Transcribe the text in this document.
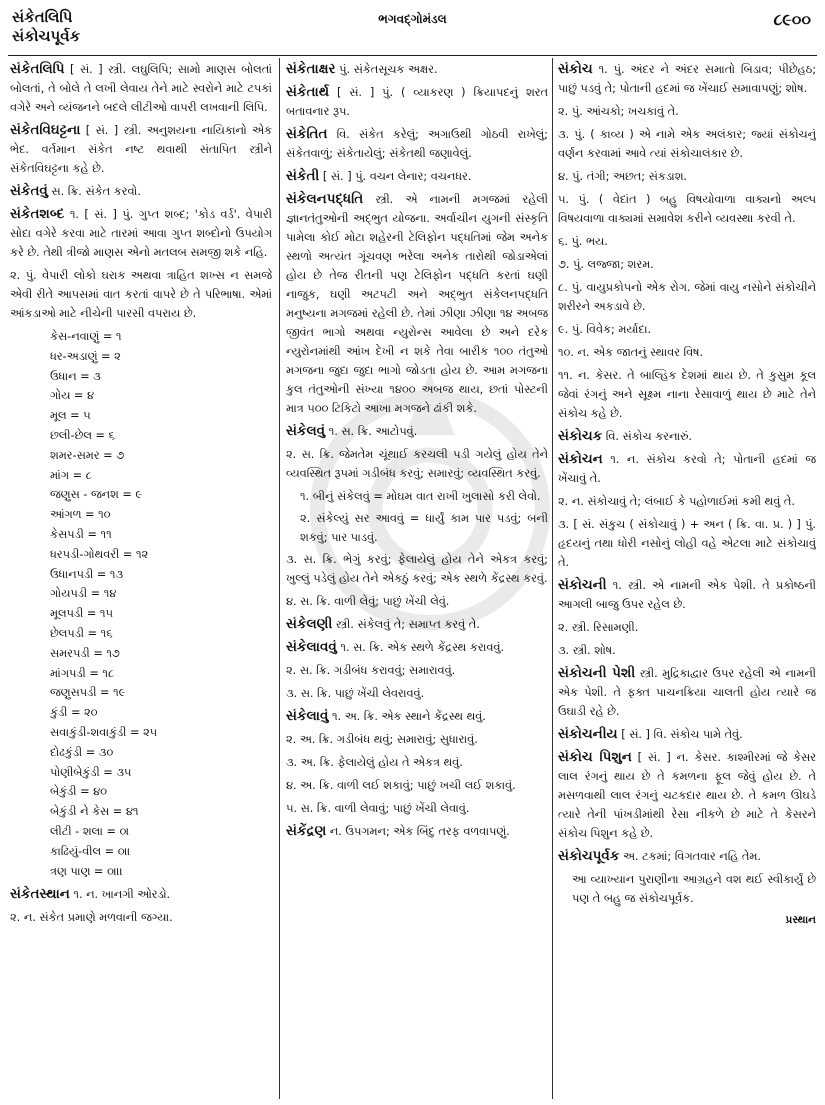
સંકેતલિપિ
સંકોચપૂર્વક
ભગવદ્ગોમંડલ	૮૯૦૦
સંકેતલિપિ [ સં. ] સ્ત્રી. લઘુલિપિ; સામો માણસ બોલતાં બોલતાં, તે બોલે તે લખી લેવાય તેને માટે સ્વરોને માટે ટપકાં વગેરે અને વ્યંજનને બદલે લીટીઓ વાપરી લખવાની લિપિ.
સંકેતવિઘટ્ટના [ સં. ] સ્ત્રી. અનુશયના નાયિકાનો એક ભેદ. વર્તમાન સંકેત નષ્ટ થવાથી સંતાપિત સ્ત્રીને સંકેતવિઘટ્ટના કહે છે.
સંકેતવું સ. ક્રિ. સંકેત કરવો.
સંકેતશબ્દ ૧. [ સં. ] પું. ગુપ્ત શબ્દ; 'કોડ વર્ડ'. વેપારી સોદા વગેરે કરવા માટે તારમાં આવા ગુપ્ત શબ્દોનો ઉપયોગ કરે છે. તેથી ત્રીજો માણસ એનો મતલબ સમજી શકે નહિ.
૨. પું. વેપારી લોકો ઘરાક અથવા ત્રાહિત શખ્સ ન સમજે એવી રીતે આપસમાં વાત કરતાં વાપરે છે તે પરિભાષા. એમાં આંકડાઓ માટે નીચેની પારસી વપરાય છે.
કેસ-નવાણું = ૧
ધર-અડાણું = ૨
ઉધાન = ૩
ગોય = ૪
મૂલ = ૫
છલી-છેલ = ૬
શમર-સમર = ૭
માંગ = ૮
જણુસ - જનશ = ૯
આંગળ = ૧૦
કેસપડી = ૧૧
ધરપડી-ગોથવરી = ૧૨
ઉધાનપડી = ૧૩
ગોયપડી = ૧૪
મૂલપડી = ૧૫
છેલપડી = ૧૬
સમરપડી = ૧૭
માંગપડી = ૧૮
જણુસપડી = ૧૯
કુંડી = ૨૦
સવાકુંડી-શવાકુંડી = ૨૫
દોઢકુંડી = ૩૦
પોણીબેકુંડી = ૩૫
બેકુંડી = ૪૦
બેકુંડી ને કેસ = ૪૧
લીટી - શલા = ૦।
કાઢિયું-વીલ = ૦॥
ત્રણ પાણ = ૦॥।
સંકેતસ્થાન ૧. ન. ખાનગી ઓરડો.
૨. ન. સંકેત પ્રમાણે મળવાની જગ્યા.
સંકેતાક્ષર પું. સંકેતસૂચક અક્ષર.
સંકેતાર્થ [ સં. ] પું. ( વ્યાકરણ ) ક્રિયાપદનું શરત બતાવનાર રૂપ.
સંકેતિત વિ. સંકેત કરેલું; અગાઉથી ગોઠવી રાખેલું; સંકેતવાળું; સંકેતાયેલું; સંકેતથી જણાવેલું.
સંકેતી [ સં. ] પું. વચન લેનાર; વચનધર.
સંકેલનપદ્ધતિ સ્ત્રી. એ નામની મગજમાં રહેલી જ્ઞાનતંતુઓની અદ્ભુત યોજના. અર્વાચીન યુગની સંસ્કૃતિ પામેલા કોઈ મોટા શહેરની ટેલિફોન પદ્ધતિમાં જેમ અનેક સ્થળો અત્યંત ગૂંચવણ ભરેલા અનેક તારોથી જોડાએલાં હોય છે તેજ રીતની પણ ટેલિફોન પદ્ધતિ કરતાં ઘણી નાજુક, ઘણી અટપટી અને અદ્ભુત સંકેલનપદ્ધતિ મનુષ્યના મગજમાં રહેલી છે. તેમાં ઝીણા ઝીણા ૧૪ અબજ જીવંત ભાગો અથવા ન્યુરોન્સ આવેલા છે અને દરેક ન્યુરોનમાંથી આંખ દેખી ન શકે તેવા બારીક ૧૦૦ તંતુઓ મગજના જુદા જુદા ભાગો જોડતા હોય છે. આમ મગજના કુલ તંતુઓની સંખ્યા ૧૪૦૦ અબજ થાય, છતાં પોસ્ટની માત્ર ૫૦૦ ટિકિટો આખા મગજને ઢાંકી શકે.
સંકેલવું ૧. સ. ક્રિ. આટોપવું.
૨. સ. ક્રિ. જેમતેમ ચૂંથાઈ કરચલી પડી ગયેલું હોય તેને વ્યવસ્થિત રૂપમાં ગડીબંધ કરવું; સમારવું; વ્યવસ્થિત કરવું.
૧. બીનું સંકેલવું = મોઘમ વાત રાખી ખુલાસો કરી લેવો.
૨. સંકેલ્યું સર આવવું = ધાર્યું કામ પાર પડવું; બની શકવું; પાર પાડવું.
૩. સ. ક્રિ. ભેગું કરવું; ફેલાયેલું હોય તેને એકત્ર કરવું; ખુલ્લું પડેલું હોય તેને એકઠું કરવું; એક સ્થળે કેંદ્રસ્થ કરવું.
૪. સ. ક્રિ. વાળી લેવું; પાછું ખેંચી લેવું.
સંકેલણી સ્ત્રી. સંકેલવું તે; સમાપ્ત કરવું તે.
સંકેલાવવું ૧. સ. ક્રિ. એક સ્થળે કેંદ્રસ્થ કરાવવું.
૨. સ. ક્રિ. ગડીબંધ કરાવવું; સમારાવવું.
૩. સ. ક્રિ. પાછું ખેંચી લેવરાવવું.
સંકેલાવું ૧. અ. ક્રિ. એક સ્થાને કેંદ્રસ્થ થવું.
૨. અ. ક્રિ. ગડીબંધ થવું; સમારાવું; સુધારાવું.
૩. અ. ક્રિ. ફેલાયેલું હોય તે એકત્ર થવું.
૪. અ. ક્રિ. વાળી લઈ શકાવું; પાછું ખચી લઈ શકાવું.
૫. સ. ક્રિ. વાળી લેવાવું; પાછું ખેંચી લેવાવું.
સંકેંદ્રણ ન. ઉપગમન; એક બિંદુ તરફ વળવાપણું.
સંકોચ ૧. પું. અંદર ને અંદર સમાતો બિડાવ; પીછેહઠ; પાછું પડવું તે; પોતાની હદમાં જ ખેંચાઈ સમાવાપણું; શોષ.
૨. પું. આંચકો; ખચકાવું તે.
૩. પું. ( કાવ્ય ) એ નામે એક અલંકાર; જ્યાં સંકોચનું વર્ણન કરવામાં આવે ત્યાં સંકોચાલંકાર છે.
૪. પું. તંગી; અછત; સંકડાશ.
૫. પું. ( વેદાંત ) બહુ વિષયોવાળા વાક્યનો અલ્પ વિષયવાળા વાક્યમાં સમાવેશ કરીને વ્યવસ્થા કરવી તે.
૬. પું. ભય.
૭. પું. લજ્જા; શરમ.
૮. પું. વાયુપ્રકોપનો એક રોગ. જેમાં વાયુ નસોને સંકોચીને શરીરને અકડાવે છે.
૯. પું. વિવેક; મર્યાદા.
૧૦. ન. એક જાતનું સ્થાવર વિષ.
૧૧. ન. કેસર. તે બાલ્હિક દેશમાં થાય છે. તે કુસુમ કૂલ જેવાં રંગનું અને સૂક્ષ્મ નાના રેસાવાળું થાય છે માટે તેને સંકોચ કહે છે.
સંકોચક વિ. સંકોચ કરનારું.
સંકોચન ૧. ન. સંકોચ કરવો તે; પોતાની હદમાં જ ખેંચાવું તે.
૨. ન. સંકોચાવું તે; લંબાઈ કે પહોળાઈમાં કમી થવું તે.
૩. [ સં. સંકુચ ( સંકોચાવું ) + અન ( ક્રિ. વા. પ્ર. ) ] પું. હૃદયનું તથા ધોરી નસોનું લોહી વહે એટલા માટે સંકોચાવું તે.
સંકોચની ૧. સ્ત્રી. એ નામની એક પેશી. તે પ્રકોષ્ઠની આગલી બાજુ ઉપર રહેલ છે.
૨. સ્ત્રી. રિસામણી.
૩. સ્ત્રી. શોષ.
સંકોચની પેશી સ્ત્રી. મુદ્રિકાદ્વાર ઉપર રહેલી એ નામની એક પેશી. તે ફક્ત પાચનક્રિયા ચાલતી હોય ત્યારે જ ઉઘાડી રહે છે.
સંકોચનીય [ સં. ] વિ. સંકોચ પામે તેવું.
સંકોચ પિશુન [ સં. ] ન. કેસર. કાશ્મીરમાં જે કેસર લાલ રંગનું થાય છે તે કમળના ફૂલ જેવું હોય છે. તે મસળવાથી લાલ રંગનું ચટકદાર થાય છે. તે કમળ ઊઘડે ત્યારે તેની પાંખડીમાંથી રેસા નીકળે છે માટે તે કેસરને સંકોચ પિશુન કહે છે.
સંકોચપૂર્વક અ. ટકમાં; વિગતવાર નહિ તેમ.
આ વ્યાખ્યાન પુરાણીના આગ્રહને વશ થઈ સ્વીકાર્યું છે પણ તે બહુ જ સંકોચપૂર્વક.
પ્રસ્થાન
